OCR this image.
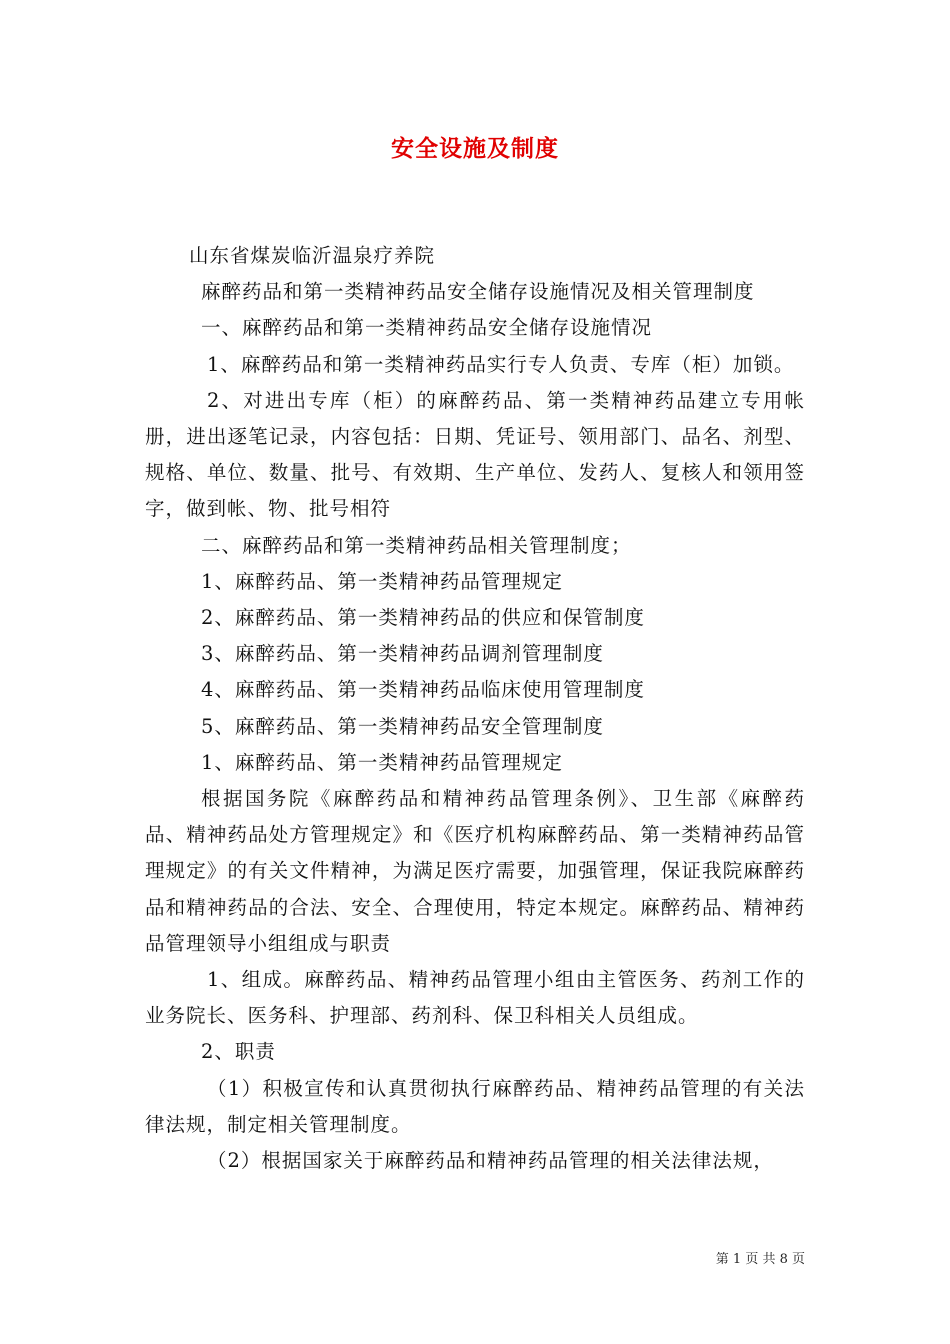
安全设施及制度

山东省煤炭临沂温泉疗养院

麻醉药品和第一类精神药品安全储存设施情况及相关管理制度

一、麻醉药品和第一类精神药品安全储存设施情况

1、麻醉药品和第一类精神药品实行专人负责、专库（柜）加锁。

2、对进出专库（柜）的麻醉药品、第一类精神药品建立专用帐册，进出逐笔记录，内容包括：日期、凭证号、领用部门、品名、剂型、规格、单位、数量、批号、有效期、生产单位、发药人、复核人和领用签字，做到帐、物、批号相符

二、麻醉药品和第一类精神药品相关管理制度；

1、麻醉药品、第一类精神药品管理规定

2、麻醉药品、第一类精神药品的供应和保管制度

3、麻醉药品、第一类精神药品调剂管理制度

4、麻醉药品、第一类精神药品临床使用管理制度

5、麻醉药品、第一类精神药品安全管理制度

1、麻醉药品、第一类精神药品管理规定

根据国务院《麻醉药品和精神药品管理条例》、卫生部《麻醉药品、精神药品处方管理规定》和《医疗机构麻醉药品、第一类精神药品管理规定》的有关文件精神，为满足医疗需要，加强管理，保证我院麻醉药品和精神药品的合法、安全、合理使用，特定本规定。麻醉药品、精神药品管理领导小组组成与职责

1、组成。麻醉药品、精神药品管理小组由主管医务、药剂工作的业务院长、医务科、护理部、药剂科、保卫科相关人员组成。

2、职责

（1）积极宣传和认真贯彻执行麻醉药品、精神药品管理的有关法律法规，制定相关管理制度。

（2）根据国家关于麻醉药品和精神药品管理的相关法律法规，

第 1 页 共 8 页
